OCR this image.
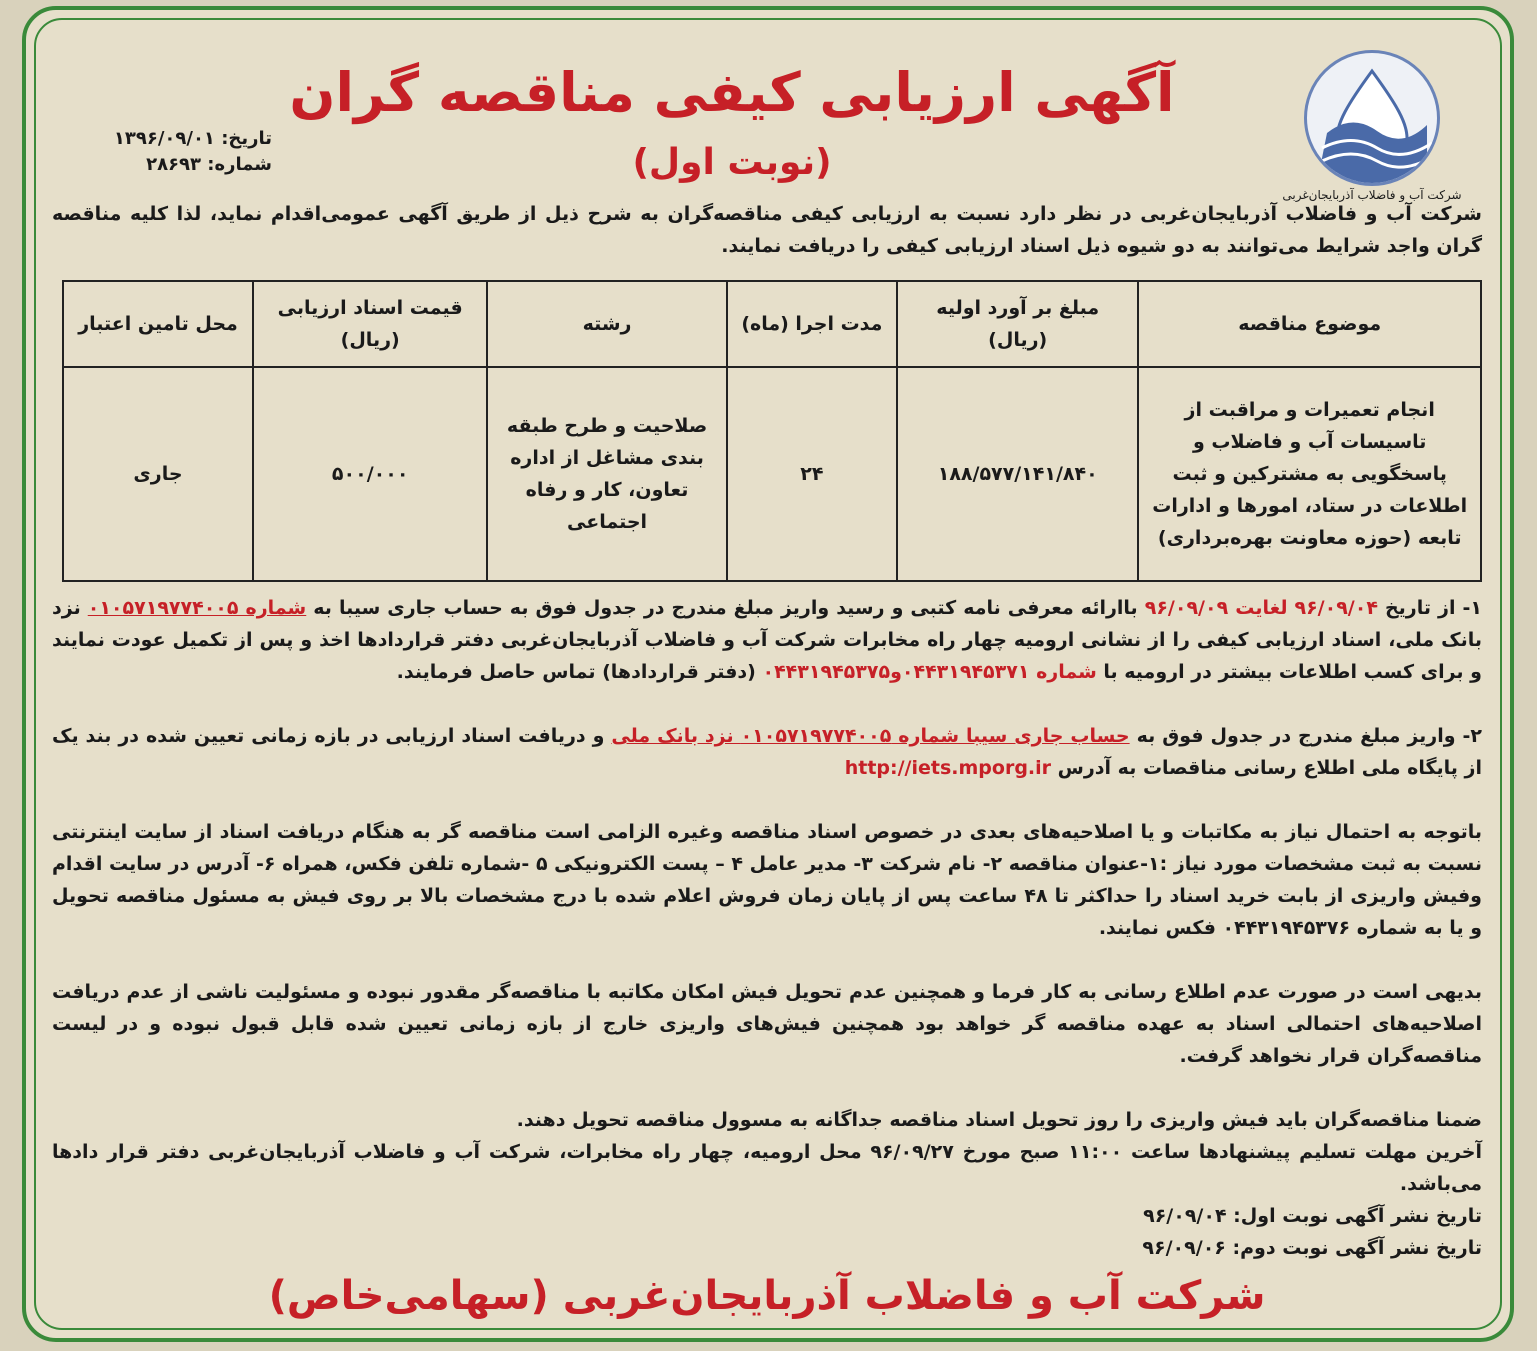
شرکت آب و فاضلاب آذربایجان‌غربی
آگهی ارزیابی کیفی مناقصه گران
(نوبت اول)
تاریخ: ۱۳۹۶/۰۹/۰۱
شماره: ۲۸۶۹۳

شرکت آب و فاضلاب آذربایجان‌غربی در نظر دارد نسبت به ارزیابی کیفی مناقصه‌گران به شرح ذیل از طریق آگهی عمومی‌اقدام نماید، لذا کلیه مناقصه گران واجد شرایط می‌توانند به دو شیوه ذیل اسناد ارزیابی کیفی را دریافت نمایند.

موضوع مناقصه	مبلغ بر آورد اولیه (ریال)	مدت اجرا (ماه)	رشته	قیمت اسناد ارزیابی (ریال)	محل تامین اعتبار
انجام تعمیرات و مراقبت از تاسیسات آب و فاضلاب و پاسخگویی به مشترکین و ثبت اطلاعات در ستاد، امورها و ادارات تابعه (حوزه معاونت بهره‌برداری)	۱۸۸/۵۷۷/۱۴۱/۸۴۰	۲۴	صلاحیت و طرح طبقه بندی مشاغل از اداره تعاون، کار و رفاه اجتماعی	۵۰۰/۰۰۰	جاری

۱- از تاریخ ۹۶/۰۹/۰۴ لغایت ۹۶/۰۹/۰۹ باارائه معرفی نامه کتبی و رسید واریز مبلغ مندرج در جدول فوق به حساب جاری سیبا به شماره ۰۱۰۵۷۱۹۷۷۴۰۰۵ نزد بانک ملی، اسناد ارزیابی کیفی را از نشانی ارومیه چهار راه مخابرات شرکت آب و فاضلاب آذربایجان‌غربی دفتر قراردادها اخذ و پس از تکمیل عودت نمایند و برای کسب اطلاعات بیشتر در ارومیه با شماره ۰۴۴۳۱۹۴۵۳۷۱و۰۴۴۳۱۹۴۵۳۷۵ (دفتر قراردادها) تماس حاصل فرمایند.

۲- واریز مبلغ مندرج در جدول فوق به حساب جاری سیبا شماره ۰۱۰۵۷۱۹۷۷۴۰۰۵ نزد بانک ملی و دریافت اسناد ارزیابی در بازه زمانی تعیین شده در بند یک از پایگاه ملی اطلاع رسانی مناقصات به آدرس http://iets.mporg.ir

باتوجه به احتمال نیاز به مکاتبات و یا اصلاحیه‌های بعدی در خصوص اسناد مناقصه وغیره الزامی است مناقصه گر به هنگام دریافت اسناد از سایت اینترنتی نسبت به ثبت مشخصات مورد نیاز :۱-عنوان مناقصه ۲- نام شرکت ۳- مدیر عامل ۴ – پست الکترونیکی ۵ -شماره تلفن فکس، همراه ۶- آدرس در سایت اقدام وفیش واریزی از بابت خرید اسناد را حداکثر تا ۴۸ ساعت پس از پایان زمان فروش اعلام شده با درج مشخصات بالا بر روی فیش به مسئول مناقصه تحویل و یا به شماره ۰۴۴۳۱۹۴۵۳۷۶ فکس نمایند.

بدیهی است در صورت عدم اطلاع رسانی به کار فرما و همچنین عدم تحویل فیش امکان مکاتبه با مناقصه‌گر مقدور نبوده و مسئولیت ناشی از عدم دریافت اصلاحیه‌های احتمالی اسناد به عهده مناقصه گر خواهد بود همچنین فیش‌های واریزی خارج از بازه زمانی تعیین شده قابل قبول نبوده و در لیست مناقصه‌گران قرار نخواهد گرفت.

ضمنا مناقصه‌گران باید فیش واریزی را روز تحویل اسناد مناقصه جداگانه به مسوول مناقصه تحویل دهند.

آخرین مهلت تسلیم پیشنهادها ساعت ۱۱:۰۰ صبح مورخ ۹۶/۰۹/۲۷ محل ارومیه، چهار راه مخابرات، شرکت آب و فاضلاب آذربایجان‌غربی دفتر قرار دادها می‌باشد.

تاریخ نشر آگهی نوبت اول: ۹۶/۰۹/۰۴

تاریخ نشر آگهی نوبت دوم: ۹۶/۰۹/۰۶

شرکت آب و فاضلاب آذربایجان‌غربی (سهامی‌خاص)
